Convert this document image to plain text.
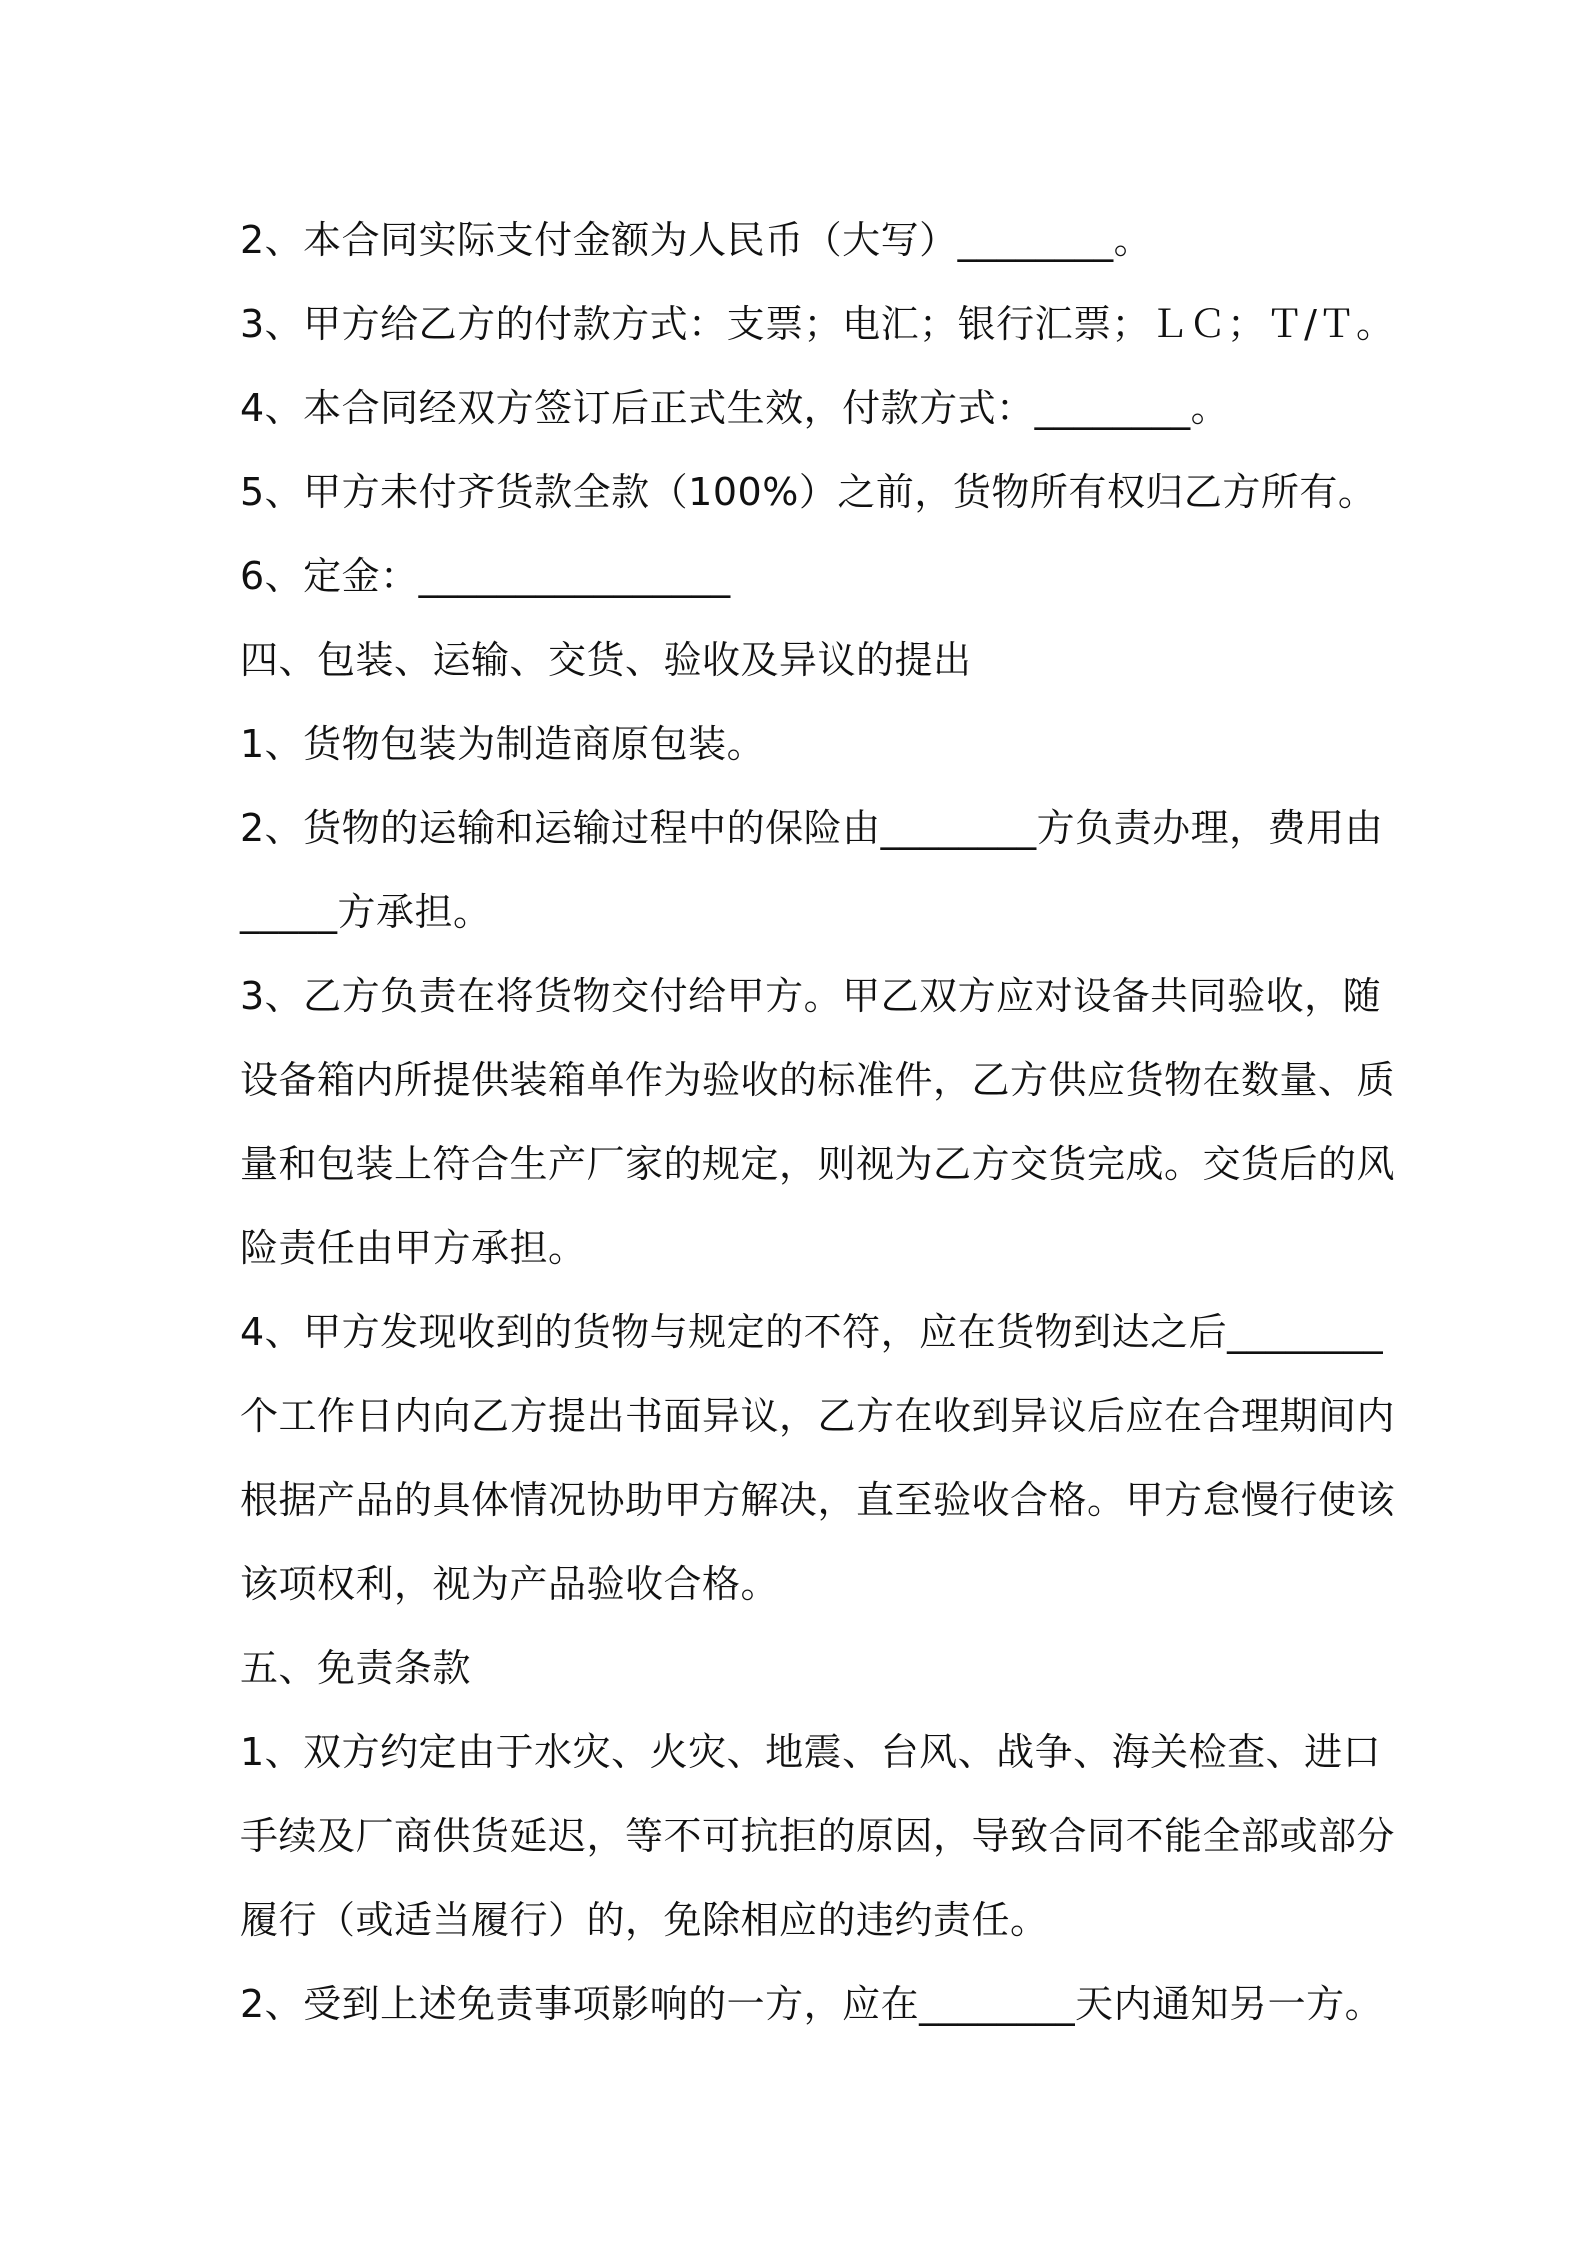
2、本合同实际支付金额为人民币（大写）________。
3、甲方给乙方的付款方式：支票；电汇；银行汇票；ＬＣ；Ｔ/Ｔ。
4、本合同经双方签订后正式生效，付款方式：________。
5、甲方未付齐货款全款（100%）之前，货物所有权归乙方所有。
6、定金：________________
四、包装、运输、交货、验收及异议的提出
1、货物包装为制造商原包装。
2、货物的运输和运输过程中的保险由________方负责办理，费用由
_____方承担。
3、乙方负责在将货物交付给甲方。甲乙双方应对设备共同验收，随
设备箱内所提供装箱单作为验收的标准件，乙方供应货物在数量、质
量和包装上符合生产厂家的规定，则视为乙方交货完成。交货后的风
险责任由甲方承担。
4、甲方发现收到的货物与规定的不符，应在货物到达之后________
个工作日内向乙方提出书面异议，乙方在收到异议后应在合理期间内
根据产品的具体情况协助甲方解决，直至验收合格。甲方怠慢行使该
该项权利，视为产品验收合格。
五、免责条款
1、双方约定由于水灾、火灾、地震、台风、战争、海关检查、进口
手续及厂商供货延迟，等不可抗拒的原因，导致合同不能全部或部分
履行（或适当履行）的，免除相应的违约责任。
2、受到上述免责事项影响的一方，应在________天内通知另一方。
